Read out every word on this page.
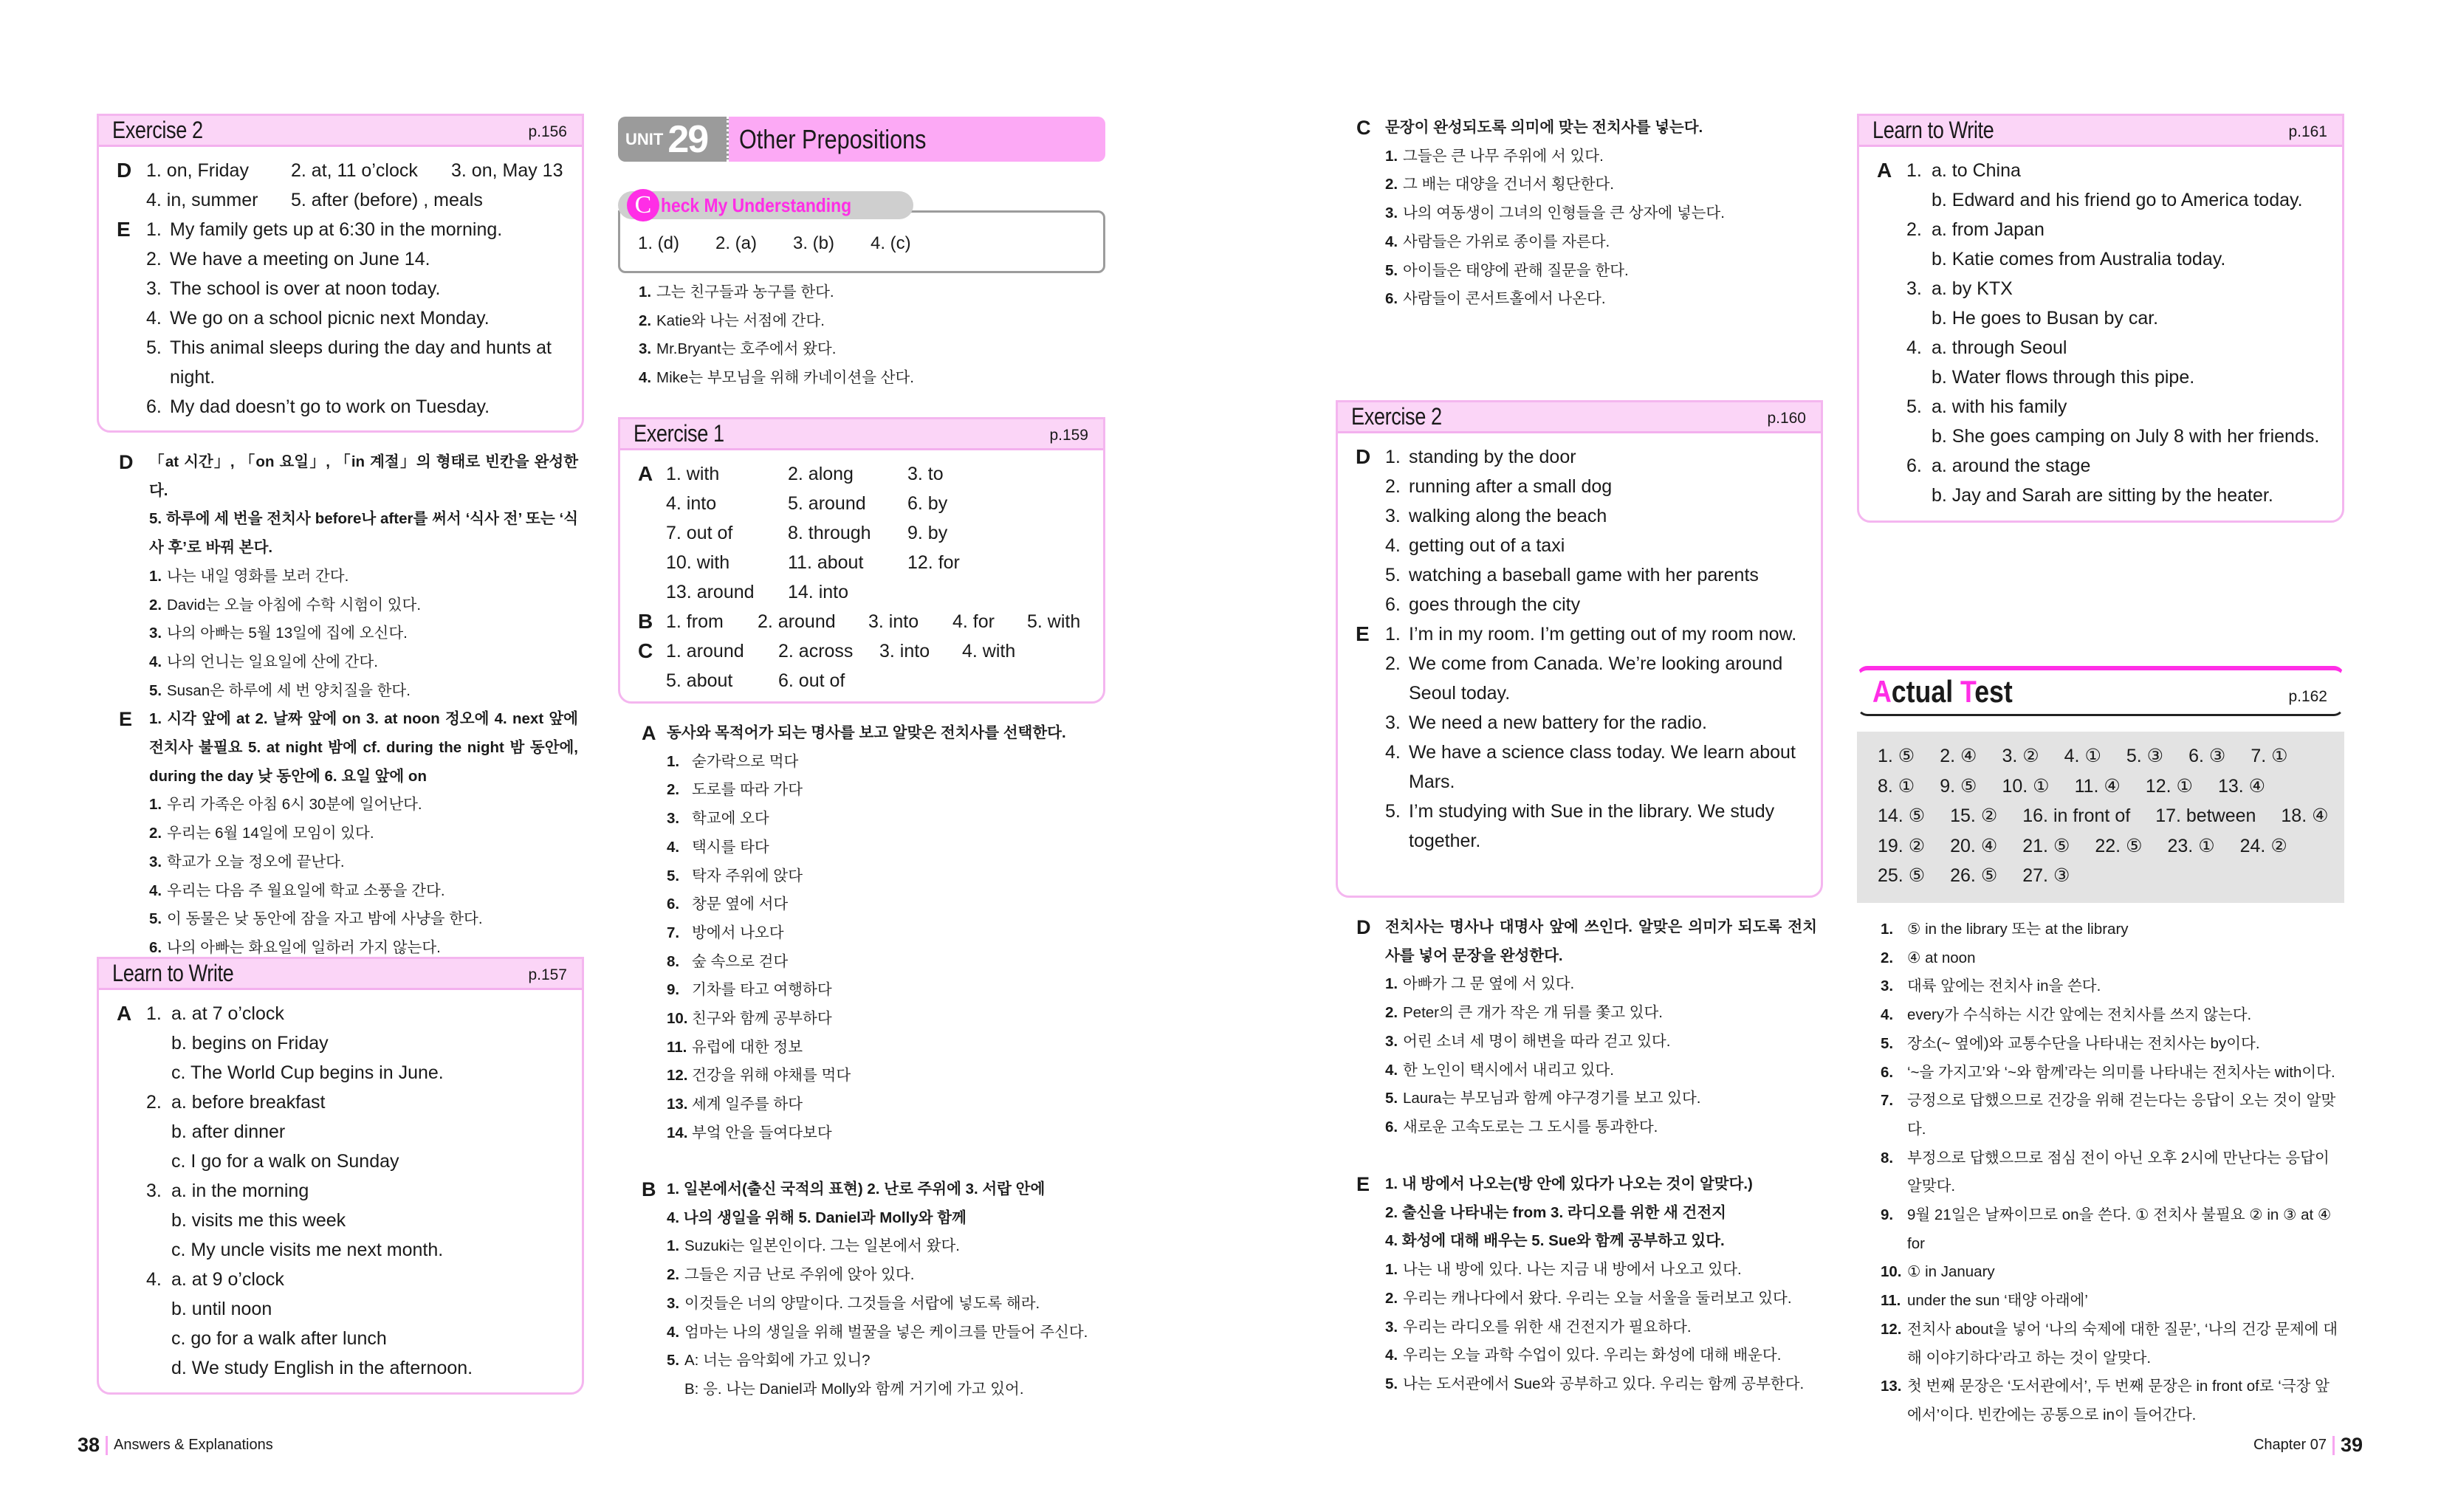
Exercise 2	p.156
D 1. on, Friday	2. at, 11 o’clock	3. on, May 13
4. in, summer	5. after (before) , meals
E 1. My family gets up at 6:30 in the morning.
2. We have a meeting on June 14.
3. The school is over at noon today.
4. We go on a school picnic next Monday.
5. This animal sleeps during the day and hunts at night.
6. My dad doesn’t go to work on Tuesday.
D 「at 시간」, 「on 요일」, 「in 계절」의 형태로 빈칸을 완성한다.
5. 하루에 세 번을 전치사 before나 after를 써서 ‘식사 전’ 또는 ‘식사 후’로 바꿔 본다.
1. 나는 내일 영화를 보러 간다.
2. David는 오늘 아침에 수학 시험이 있다.
3. 나의 아빠는 5월 13일에 집에 오신다.
4. 나의 언니는 일요일에 산에 간다.
5. Susan은 하루에 세 번 양치질을 한다.
E 1. 시각 앞에 at 2. 날짜 앞에 on 3. at noon 정오에 4. next 앞에 전치사 불필요 5. at night 밤에 cf. during the night 밤 동안에, during the day 낮 동안에 6. 요일 앞에 on
1. 우리 가족은 아침 6시 30분에 일어난다.
2. 우리는 6월 14일에 모임이 있다.
3. 학교가 오늘 정오에 끝난다.
4. 우리는 다음 주 월요일에 학교 소풍을 간다.
5. 이 동물은 낮 동안에 잠을 자고 밤에 사냥을 한다.
6. 나의 아빠는 화요일에 일하러 가지 않는다.
Learn to Write	p.157
A 1. a. at 7 o’clock
b. begins on Friday
c. The World Cup begins in June.
2. a. before breakfast
b. after dinner
c. I go for a walk on Sunday
3. a. in the morning
b. visits me this week
c. My uncle visits me next month.
4. a. at 9 o’clock
b. until noon
c. go for a walk after lunch
d. We study English in the afternoon.
UNIT 29 Other Prepositions
1. (d)	2. (a)	3. (b)	4. (c)
C heck My Understanding
1. 그는 친구들과 농구를 한다.
2. Katie와 나는 서점에 간다.
3. Mr.Bryant는 호주에서 왔다.
4. Mike는 부모님을 위해 카네이션을 산다.
Exercise 1	p.159
A 1. with	2. along	3. to
4. into	5. around	6. by
7. out of	8. through	9. by
10. with	11. about	12. for
13. around	14. into
B 1. from	2. around	3. into	4. for	5. with
C 1. around	2. across	3. into	4. with
5. about	6. out of
A 동사와 목적어가 되는 명사를 보고 알맞은 전치사를 선택한다.
1. 숟가락으로 먹다
2. 도로를 따라 가다
3. 학교에 오다
4. 택시를 타다
5. 탁자 주위에 앉다
6. 창문 옆에 서다
7. 방에서 나오다
8. 숲 속으로 걷다
9. 기차를 타고 여행하다
10. 친구와 함께 공부하다
11. 유럽에 대한 정보
12. 건강을 위해 야채를 먹다
13. 세계 일주를 하다
14. 부엌 안을 들여다보다
B 1. 일본에서(출신 국적의 표현) 2. 난로 주위에 3. 서랍 안에
4. 나의 생일을 위해 5. Daniel과 Molly와 함께
1. Suzuki는 일본인이다. 그는 일본에서 왔다.
2. 그들은 지금 난로 주위에 앉아 있다.
3. 이것들은 너의 양말이다. 그것들을 서랍에 넣도록 해라.
4. 엄마는 나의 생일을 위해 벌꿀을 넣은 케이크를 만들어 주신다.
5. A: 너는 음악회에 가고 있니?
B: 응. 나는 Daniel과 Molly와 함께 거기에 가고 있어.
C 문장이 완성되도록 의미에 맞는 전치사를 넣는다.
1. 그들은 큰 나무 주위에 서 있다.
2. 그 배는 대양을 건너서 횡단한다.
3. 나의 여동생이 그녀의 인형들을 큰 상자에 넣는다.
4. 사람들은 가위로 종이를 자른다.
5. 아이들은 태양에 관해 질문을 한다.
6. 사람들이 콘서트홀에서 나온다.
Exercise 2	p.160
D 1. standing by the door
2. running after a small dog
3. walking along the beach
4. getting out of a taxi
5. watching a baseball game with her parents
6. goes through the city
E 1. I’m in my room. I’m getting out of my room now.
2. We come from Canada. We’re looking around Seoul today.
3. We need a new battery for the radio.
4. We have a science class today. We learn about Mars.
5. I’m studying with Sue in the library. We study together.
D 전치사는 명사나 대명사 앞에 쓰인다. 알맞은 의미가 되도록 전치사를 넣어 문장을 완성한다.
1. 아빠가 그 문 옆에 서 있다.
2. Peter의 큰 개가 작은 개 뒤를 쫓고 있다.
3. 어린 소녀 세 명이 해변을 따라 걷고 있다.
4. 한 노인이 택시에서 내리고 있다.
5. Laura는 부모님과 함께 야구경기를 보고 있다.
6. 새로운 고속도로는 그 도시를 통과한다.
E 1. 내 방에서 나오는(방 안에 있다가 나오는 것이 알맞다.)
2. 출신을 나타내는 from 3. 라디오를 위한 새 건전지
4. 화성에 대해 배우는 5. Sue와 함께 공부하고 있다.
1. 나는 내 방에 있다. 나는 지금 내 방에서 나오고 있다.
2. 우리는 캐나다에서 왔다. 우리는 오늘 서울을 둘러보고 있다.
3. 우리는 라디오를 위한 새 건전지가 필요하다.
4. 우리는 오늘 과학 수업이 있다. 우리는 화성에 대해 배운다.
5. 나는 도서관에서 Sue와 공부하고 있다. 우리는 함께 공부한다.
Learn to Write	p.161
A 1. a. to China
b. Edward and his friend go to America today.
2. a. from Japan
b. Katie comes from Australia today.
3. a. by KTX
b. He goes to Busan by car.
4. a. through Seoul
b. Water flows through this pipe.
5. a. with his family
b. She goes camping on July 8 with her friends.
6. a. around the stage
b. Jay and Sarah are sitting by the heater.
Actual Test	p.162
1. ⑤ 2. ④ 3. ② 4. ① 5. ③ 6. ③ 7. ①
8. ① 9. ⑤ 10. ① 11. ④ 12. ① 13. ④
14. ⑤ 15. ② 16. in front of 17. between 18. ④
19. ② 20. ④ 21. ⑤ 22. ⑤ 23. ① 24. ②
25. ⑤ 26. ⑤ 27. ③
1. ⑤ in the library 또는 at the library
2. ④ at noon
3. 대륙 앞에는 전치사 in을 쓴다.
4. every가 수식하는 시간 앞에는 전치사를 쓰지 않는다.
5. 장소(~ 옆에)와 교통수단을 나타내는 전치사는 by이다.
6. ‘~을 가지고’와 ‘~와 함께’라는 의미를 나타내는 전치사는 with이다.
7. 긍정으로 답했으므로 건강을 위해 걷는다는 응답이 오는 것이 알맞다.
8. 부정으로 답했으므로 점심 전이 아닌 오후 2시에 만난다는 응답이 알맞다.
9. 9월 21일은 날짜이므로 on을 쓴다. ① 전치사 불필요 ② in ③ at ④ for
10. ① in January
11. under the sun ‘태양 아래에’
12. 전치사 about을 넣어 ‘나의 숙제에 대한 질문’, ‘나의 건강 문제에 대해 이야기하다’라고 하는 것이 알맞다.
13. 첫 번째 문장은 ‘도서관에서’, 두 번째 문장은 in front of로 ‘극장 앞에서’이다. 빈칸에는 공통으로 in이 들어간다.
38 Answers & Explanations	Chapter 07 39
